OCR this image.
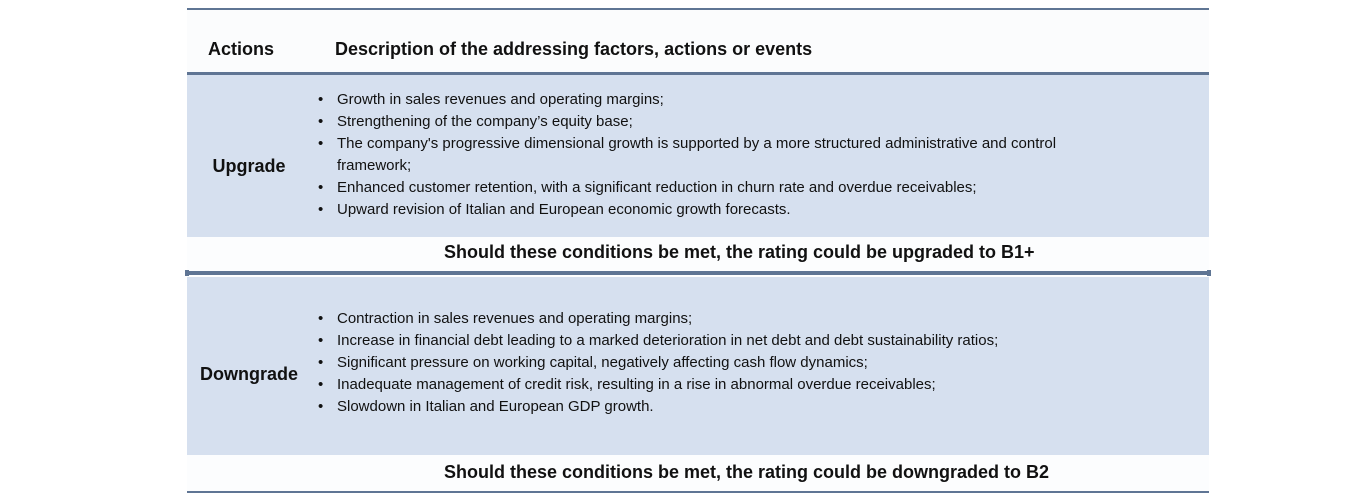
Actions	Description of the addressing factors, actions or events
Upgrade
• Growth in sales revenues and operating margins;
• Strengthening of the company’s equity base;
• The company's progressive dimensional growth is supported by a more structured administrative and control framework;
• Enhanced customer retention, with a significant reduction in churn rate and overdue receivables;
• Upward revision of Italian and European economic growth forecasts.
Should these conditions be met, the rating could be upgraded to B1+
Downgrade
• Contraction in sales revenues and operating margins;
• Increase in financial debt leading to a marked deterioration in net debt and debt sustainability ratios;
• Significant pressure on working capital, negatively affecting cash flow dynamics;
• Inadequate management of credit risk, resulting in a rise in abnormal overdue receivables;
• Slowdown in Italian and European GDP growth.
Should these conditions be met, the rating could be downgraded to B2
